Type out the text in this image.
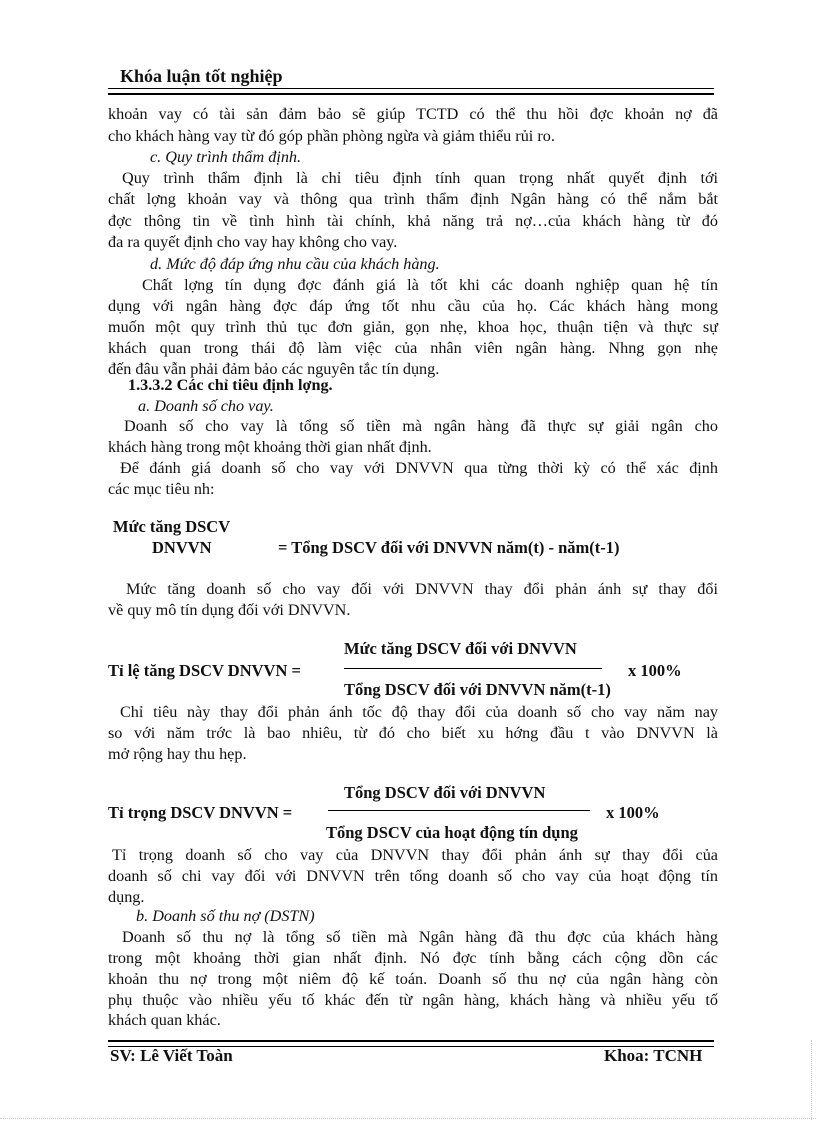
Khóa luận tốt nghiệp
khoản vay có tài sản đảm bảo sẽ giúp TCTD có thể thu hồi đợc khoản nợ đã
cho khách hàng vay từ đó góp phần phòng ngừa và giảm thiểu rủi ro.
c. Quy trình thẩm định.
Quy trình thẩm định là chỉ tiêu định tính quan trọng nhất quyết định tới
chất lợng khoản vay và thông qua trình thẩm định Ngân hàng có thể nắm bắt
đợc thông tin về tình hình tài chính, khả năng trả nợ…của khách hàng từ đó
đa ra quyết định cho vay hay không cho vay.
d. Mức độ đáp ứng nhu cầu của khách hàng.
Chất lợng tín dụng đợc đánh giá là tốt khi các doanh nghiệp quan hệ tín
dụng với ngân hàng đợc đáp ứng tốt nhu cầu của họ. Các khách hàng mong
muốn một quy trình thủ tục đơn giản, gọn nhẹ, khoa học, thuận tiện và thực sự
khách quan trong thái độ làm việc của nhân viên ngân hàng. Nhng gọn nhẹ
đến đâu vẫn phải đảm bảo các nguyên tắc tín dụng.
1.3.3.2 Các chỉ tiêu định lợng.
a. Doanh số cho vay.
Doanh số cho vay là tổng số tiền mà ngân hàng đã thực sự giải ngân cho
khách hàng trong một khoảng thời gian nhất định.
Để đánh giá doanh số cho vay với DNVVN qua từng thời kỳ có thể xác định
các mục tiêu nh:
Mức tăng DSCV
DNVVN	= Tổng DSCV đối với DNVVN năm(t) - năm(t-1)
Mức tăng doanh số cho vay đối với DNVVN thay đổi phản ánh sự thay đổi
về quy mô tín dụng đối với DNVVN.
Mức tăng DSCV đối với DNVVN
Tỉ lệ tăng DSCV DNVVN =	x 100%
Tổng DSCV đối với DNVVN năm(t-1)
Chỉ tiêu này thay đổi phản ánh tốc độ thay đổi của doanh số cho vay năm nay
so với năm trớc là bao nhiêu, từ đó cho biết xu hớng đầu t vào DNVVN là
mở rộng hay thu hẹp.
Tổng DSCV đối với DNVVN
Tỉ trọng DSCV DNVVN =	x 100%
Tổng DSCV của hoạt động tín dụng
Tỉ trọng doanh số cho vay của DNVVN thay đổi phản ánh sự thay đổi của
doanh số chi vay đối với DNVVN trên tổng doanh số cho vay của hoạt động tín
dụng.
b. Doanh số thu nợ (DSTN)
Doanh số thu nợ là tổng số tiền mà Ngân hàng đã thu đợc của khách hàng
trong một khoảng thời gian nhất định. Nó đợc tính bằng cách cộng dồn các
khoản thu nợ trong một niêm độ kế toán. Doanh số thu nợ của ngân hàng còn
phụ thuộc vào nhiều yếu tố khác đến từ ngân hàng, khách hàng và nhiều yếu tố
khách quan khác.
SV: Lê Viết Toàn	Khoa: TCNH
